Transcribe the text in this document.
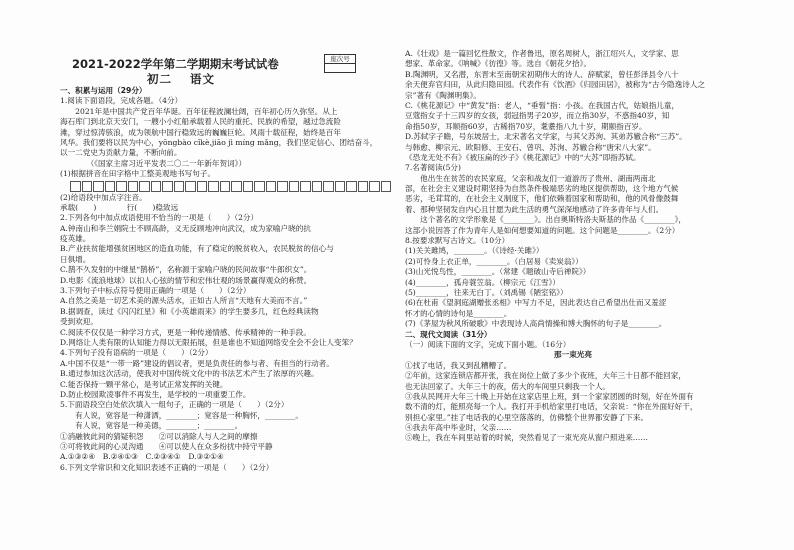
2021-2022学年第二学期期末考试试卷	座次号
初二 语文
一、积累与运用（29分）
1.阅读下面语段，完成各题。（4分）
　　2021年是中国共产党百年华诞。百年征程波澜壮阔，百年初心历久弥坚。从上
海石库门到北京天安门，一艘小小红船承载着人民的重托、民族的希望，越过急流险
滩，穿过惊涛骇浪，成为领航中国行稳致远的巍巍巨轮。风雨十载征程，始终是百年
风华。我们要将以民为中心，yōngbào cǐkè,jiāo jì míng mǎng，我们坚定信心、团结奋斗，
以一二党史为贡献力量，不断向前。
　　　　（《国家主席习近平发表二〇二一年新年贺词》）
(1)根据拼音在田字格中工整美观地书写句子。
(2)给语段中加点字注音。
承载(　　)　　　　行(　　)稳致远
2.下列各句中加点成语使用不恰当的一项是（　　）（2分）
A.钟南山和李兰娟院士不顾高龄，义无反顾地冲向武汉，成为家喻户晓的抗
疫英雄。
B.产业扶贫能增强贫困地区的造血功能，有了稳定的脱贫收入，农民脱贫的信心与
日俱增。
C.鹊不久发射的中继星“鹊桥”，名称源于家喻户晓的民间故事“牛郎织女”。
D.电影《流浪地球》以扣人心弦的情节和宏伟壮观的场景赢得观众的称赞。
3.下列句子中标点符号使用正确的一项是（　　）（2分）
A.自然之美是一切艺术美的源头活水，正如古人所言“天地有大美而不言。”
B.据调查，读过《闪闪红星》和《小英雄雨来》的学生要多几，红色经典读物
受到欢迎。
C.阅读不仅仅是一种学习方式，更是一种传递情感、传承精神的一种手段。
D.网络让人类有限的认知能力得以无限拓展，但是谁也不知道网络安全会不会让人变笨？
4.下列句子没有语病的一项是（　　）（2分）
A.中国不仅是“一带一路”建设的倡议者，更是负责任的参与者、有担当的行动者。
B.通过参加这次活动，使我对中国传统文化中的书法艺术产生了浓厚的兴趣。
C.能否保持一颗平常心，是考试正常发挥的关键。
D.防止校园欺凌事件不再发生，是学校的一项重要工作。
5.下面语段空白处依次填入一组句子，正确的一项是（　　）（2分）
　　有人说，宽容是一种潇洒，________；宽容是一种胸怀，________。
　　有人说，宽容是一种美德，________；________。
①消融彼此间的猜疑积怨　　②可以消除人与人之间的摩擦
③可将彼此间的心灵沟通　　④可以使人在众多纷扰中持守平静
A.①③②④　B.②④①③　C.②③④①　D.③②①④
6.下列文学常识和文化知识表述不正确的一项是（　　）（2分）
A.《壮戏》是一篇回忆性散文，作者鲁迅，原名周树人，浙江绍兴人，文学家、思
想家、革命家。《呐喊》《彷徨》等。选自《朝花夕拾》。
B.陶渊明，又名潜，东晋末至南朝宋初期伟大的诗人、辞赋家，曾任彭泽县令八十
余天便弃官归田，从此归隐田园。代表作有《饮酒》《归园田居》，被称为“古今隐逸诗人之
宗”著有《陶渊明集》。
C.《桃花源记》中“黄发”指：老人，“垂髫”指：小孩。在我国古代，姑娘指儿童，
豆蔻指女子十三四岁的女孩，弱冠指男子20岁，而立指30岁，不惑指40岁，知
命指50岁，耳顺指60岁，古稀指70岁，耄耋指八九十岁，期颐指百岁。
D.苏轼字子瞻，号东坡居士，北宋著名文学家，与其父苏洵、其弟苏辙合称“三苏”。
与韩愈、柳宗元、欧阳修、王安石、曾巩、苏洵、苏辙合称“唐宋八大家”。
《恐龙无处不有》《被压扁的沙子》《桃花源记》中的“大苏”即指苏轼。
7.名著阅读(5分)
　　他出生在贫苦的农民家庭，父亲和战友们一道游历了贵州、湖南两南北
部，在社会主义建设时期坚持为自然条件极端恶劣的地区提供帮助，这个地方气候
恶劣，毛茸茸的，在社会主义制度下，他们依赖着国家和帮助和，他的风骨像鼓舞
着、那种坚韧发自内心且甘愿为此生活的勇气深深地感动了许多青年与人们。
　　这个著名的文学形象是《________》。出自奥斯特洛夫斯基的作品《________》，
这部小说因答了作为青年人是如何想要知道的问题。这个问题是________。（2分）
8.按要求默写古诗文。（10分）
(1)关关雎鸠，________。（《诗经·关雎》）
(2)可怜身上衣正单，________。（白居易《卖炭翁》）
(3)山光悦鸟性，________。（常建《题破山寺后禅院》）
(4)________，孤舟蓑笠翁。（柳宗元《江雪》）
(5)________，往来无白丁。（刘禹锡《陋室铭》）
(6)在杜甫《望洞庭湖赠张丞相》中写力不足，因此表达自己希望出仕而又羞涩
怀才的心情的诗句是________。
(7)《茅屋为秋风所破歌》中表现诗人高尚情操和博大胸怀的句子是________。
二、现代文阅读（31分）
（一）阅读下面的文字，完成下面小题。（16分）
那一束光亮
①找了电话，我又到乱糟糟了。
②年前，这家连锁店都开张，我在岗位上做了多少个夜班，大年三十日都不能回家，
也无法回家了。大年三十的夜，偌大的车间里只剩我一个人。
③我从民网开大年三十晚上开始在这家店里上班，到一个家家团圆的时刻，好在外面有
数不清的灯，能照亮每一个人。我打开手机给家里打电话，父亲说：“你在外面好好干，
别担心家里。”挂了电话我的心里空落落的，仿佛整个世界都安静了下来。
④我去年高中毕业时，父亲……
⑤晚上，我在车间里站着的时候，突然看见了一束光亮从窗户照进来……
